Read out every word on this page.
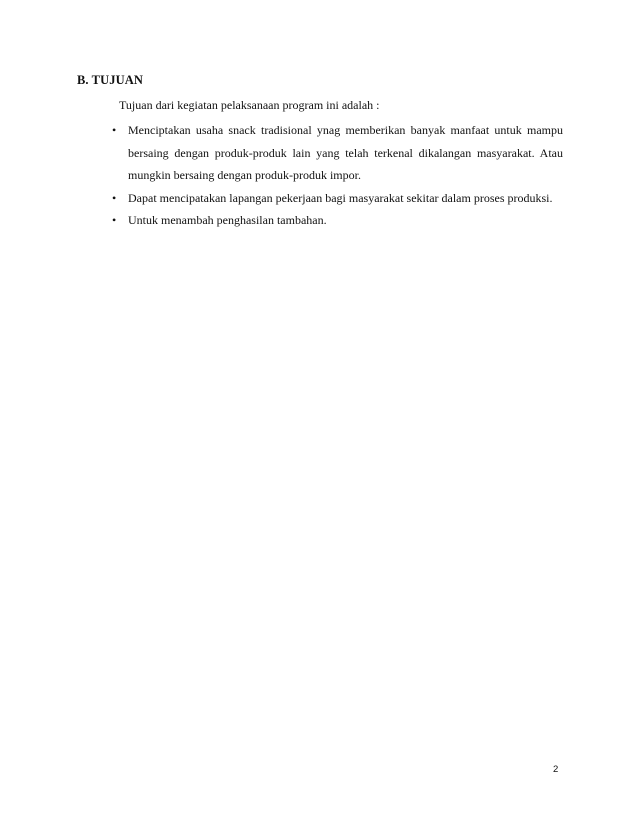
B. TUJUAN
Tujuan dari kegiatan pelaksanaan program ini adalah :
• Menciptakan usaha snack tradisional ynag memberikan banyak manfaat untuk mampu bersaing dengan produk-produk lain yang telah terkenal dikalangan masyarakat. Atau mungkin bersaing dengan produk-produk impor.
• Dapat mencipatakan lapangan pekerjaan bagi masyarakat sekitar dalam proses produksi.
• Untuk menambah penghasilan tambahan.
2
